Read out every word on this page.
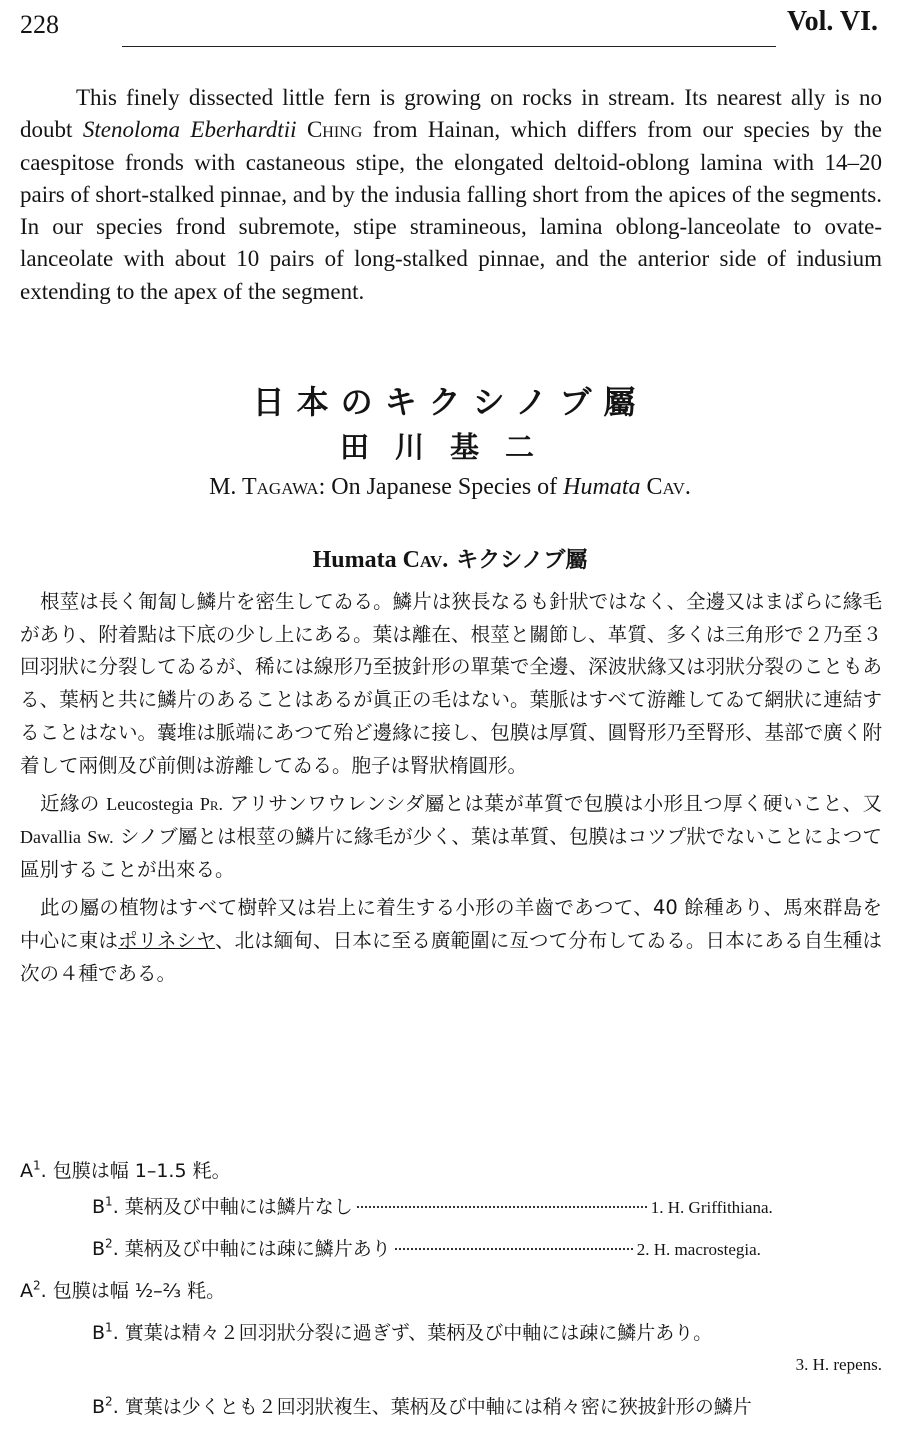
228	Vol. VI.

This finely dissected little fern is growing on rocks in stream. Its nearest ally is no doubt Stenoloma Eberhardtii Ching from Hainan, which differs from our species by the caespitose fronds with castaneous stipe, the elongated deltoid-oblong lamina with 14–20 pairs of short-stalked pinnae, and by the indusia falling short from the apices of the segments. In our species frond subremote, stipe stramineous, lamina oblong-lanceolate to ovate-lanceolate with about 10 pairs of long-stalked pinnae, and the anterior side of indusium extending to the apex of the segment.

日本のキクシノブ屬
田川基二
M. Tagawa: On Japanese Species of Humata Cav.
Humata Cav. キクシノブ屬

根莖は長く匍匐し鱗片を密生してゐる。鱗片は狹長なるも針狀ではなく、全邊又はまばらに緣毛があり、附着點は下底の少し上にある。葉は離在、根莖と關節し、革質、多くは三角形で２乃至３回羽狀に分裂してゐるが、稀には線形乃至披針形の單葉で全邊、深波狀緣又は羽狀分裂のこともある、葉柄と共に鱗片のあることはあるが眞正の毛はない。葉脈はすべて游離してゐて網狀に連結することはない。囊堆は脈端にあつて殆ど邊緣に接し、包膜は厚質、圓腎形乃至腎形、基部で廣く附着して兩側及び前側は游離してゐる。胞子は腎狀楕圓形。

近緣の Leucostegia Pr. アリサンワウレンシダ屬とは葉が革質で包膜は小形且つ厚く硬いこと、又 Davallia Sw. シノブ屬とは根莖の鱗片に緣毛が少く、葉は革質、包膜はコツプ狀でないことによつて區別することが出來る。

此の屬の植物はすべて樹幹又は岩上に着生する小形の羊齒であつて、40 餘種あり、馬來群島を中心に東はポリネシヤ、北は緬甸、日本に至る廣範圍に亙つて分布してゐる。日本にある自生種は次の４種である。

$A^1$. 包膜は幅 1–1.5 粍。
$B^1$. 葉柄及び中軸には鱗片なし	1. H. Griffithiana.
$B^2$. 葉柄及び中軸には疎に鱗片あり	2. H. macrostegia.
$A^2$. 包膜は幅 ½–⅔ 粍。
$B^1$. 實葉は精々２回羽狀分裂に過ぎず、葉柄及び中軸には疎に鱗片あり。
3. H. repens.
$B^2$. 實葉は少くとも２回羽狀複生、葉柄及び中軸には稍々密に狹披針形の鱗片
